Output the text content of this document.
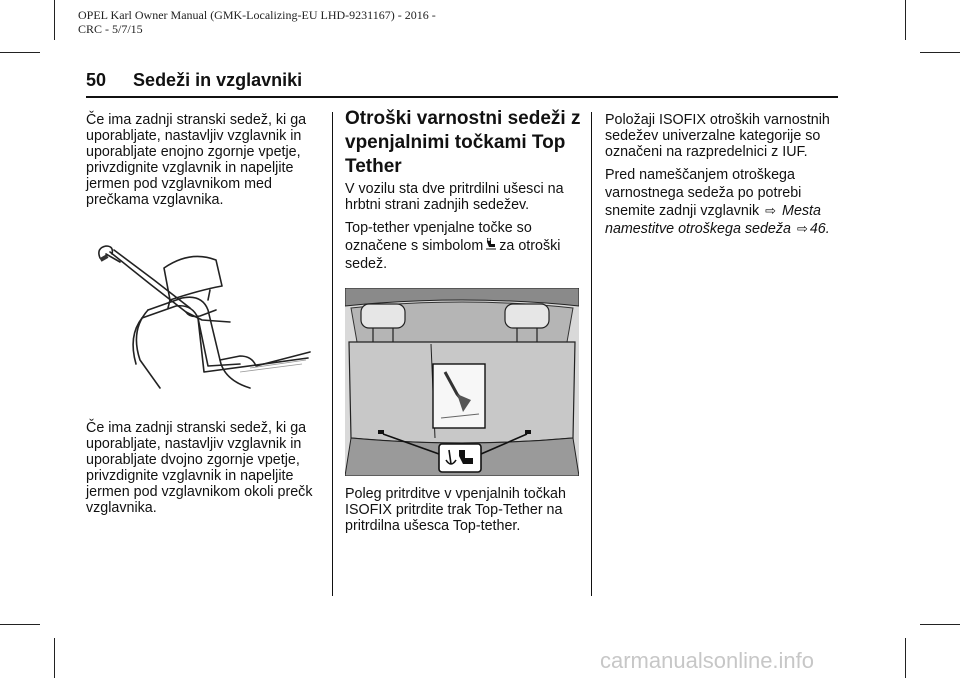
OPEL Karl Owner Manual (GMK-Localizing-EU LHD-9231167) - 2016 -
CRC - 5/7/15
50 Sedeži in vzglavniki

Če ima zadnji stranski sedež, ki ga uporabljate, nastavljiv vzglavnik in uporabljate enojno zgornje vpetje, privzdignite vzglavnik in napeljite jermen pod vzglavnikom med prečkama vzglavnika.

Če ima zadnji stranski sedež, ki ga uporabljate, nastavljiv vzglavnik in uporabljate dvojno zgornje vpetje, privzdignite vzglavnik in napeljite jermen pod vzglavnikom okoli prečk vzglavnika.

Otroški varnostni sedeži z vpenjalnimi točkami Top Tether

V vozilu sta dve pritrdilni ušesci na hrbtni strani zadnjih sedežev.

Top-tether vpenjalne točke so označene s simbolom za otroški sedež.

Poleg pritrditve v vpenjalnih točkah ISOFIX pritrdite trak Top-Tether na pritrdilna ušesca Top-tether.

Položaji ISOFIX otroških varnostnih sedežev univerzalne kategorije so označeni na razpredelnici z IUF.

Pred nameščanjem otroškega varnostnega sedeža po potrebi snemite zadnji vzglavnik ⇨ Mesta namestitve otroškega sedeža ⇨ 46.

carmanualsonline.info
